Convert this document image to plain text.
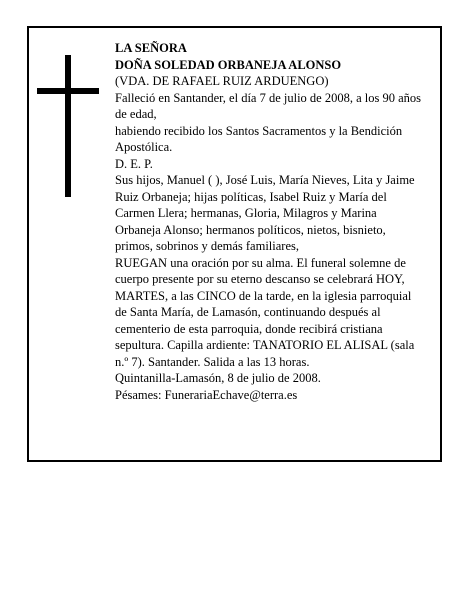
LA SEÑORA

DOÑA SOLEDAD ORBANEJA ALONSO

(VDA. DE RAFAEL RUIZ ARDUENGO)

Falleció en Santander, el día 7 de julio de 2008, a los 90 años de edad,

habiendo recibido los Santos Sacramentos y la Bendición Apostólica.

D. E. P.

Sus hijos, Manuel ( ), José Luis, María Nieves, Lita y Jaime Ruiz Orbaneja; hijas políticas, Isabel Ruiz y María del Carmen Llera; hermanas, Gloria, Milagros y Marina Orbaneja Alonso; hermanos políticos, nietos, bisnieto, primos, sobrinos y demás familiares,

RUEGAN una oración por su alma. El funeral solemne de cuerpo presente por su eterno descanso se celebrará HOY, MARTES, a las CINCO de la tarde, en la iglesia parroquial de Santa María, de Lamasón, continuando después al cementerio de esta parroquia, donde recibirá cristiana sepultura. Capilla ardiente: TANATORIO EL ALISAL (sala n.º 7). Santander. Salida a las 13 horas.

Quintanilla-Lamasón, 8 de julio de 2008.

Pésames: FunerariaEchave@terra.es
